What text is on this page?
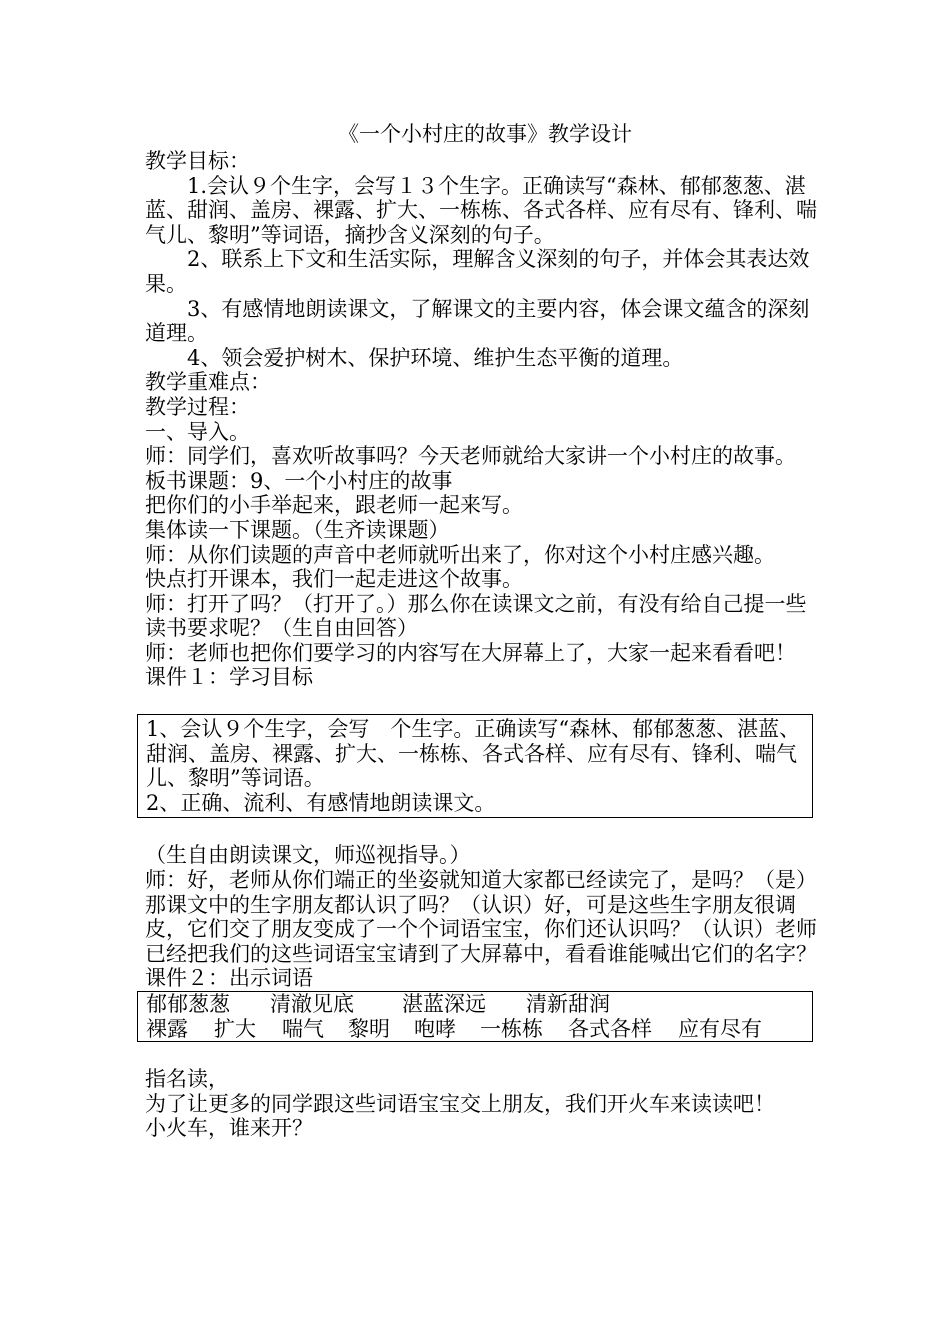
《一个小村庄的故事》教学设计

教学目标：

1.会认９个生字，会写１３个生字。正确读写“森林、郁郁葱葱、湛蓝、甜润、盖房、裸露、扩大、一栋栋、各式各样、应有尽有、锋利、喘气儿、黎明”等词语，摘抄含义深刻的句子。

2、联系上下文和生活实际，理解含义深刻的句子，并体会其表达效果。

3、有感情地朗读课文，了解课文的主要内容，体会课文蕴含的深刻道理。

4、领会爱护树木、保护环境、维护生态平衡的道理。

教学重难点：

教学过程：

一、导入。

师：同学们，喜欢听故事吗？今天老师就给大家讲一个小村庄的故事。

板书课题：9、一个小村庄的故事

把你们的小手举起来，跟老师一起来写。

集体读一下课题。（生齐读课题）

师：从你们读题的声音中老师就听出来了，你对这个小村庄感兴趣。

快点打开课本，我们一起走进这个故事。

师：打开了吗？（打开了。）那么你在读课文之前，有没有给自己提一些读书要求呢？（生自由回答）

师：老师也把你们要学习的内容写在大屏幕上了，大家一起来看看吧！

课件１：学习目标

1、会认９个生字，会写　个生字。正确读写“森林、郁郁葱葱、湛蓝、甜润、盖房、裸露、扩大、一栋栋、各式各样、应有尽有、锋利、喘气儿、黎明”等词语。

2、正确、流利、有感情地朗读课文。

（生自由朗读课文，师巡视指导。）

师：好，老师从你们端正的坐姿就知道大家都已经读完了，是吗？（是）

那课文中的生字朋友都认识了吗？（认识）好，可是这些生字朋友很调皮，它们交了朋友变成了一个个词语宝宝，你们还认识吗？（认识）老师已经把我们的这些词语宝宝请到了大屏幕中，看看谁能喊出它们的名字？

课件２：出示词语

郁郁葱葱	清澈见底	湛蓝深远	清新甜润
裸露	扩大	喘气	黎明	咆哮	一栋栋	各式各样	应有尽有

指名读，

为了让更多的同学跟这些词语宝宝交上朋友，我们开火车来读读吧！

小火车，谁来开？
